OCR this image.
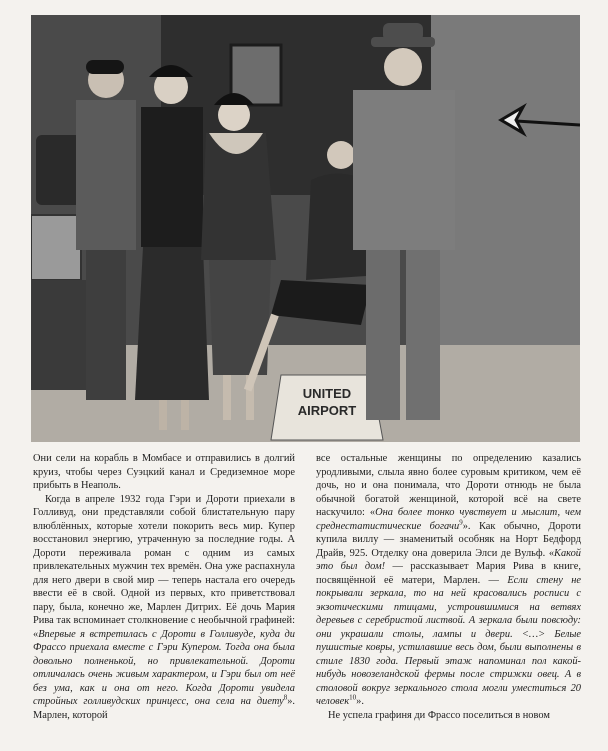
UNITED
AIRPORT

Они сели на корабль в Момбасе и отправились в долгий круиз, чтобы через Суэцкий канал и Средиземное море прибыть в Неаполь.

Когда в апреле 1932 года Гэри и Дороти приехали в Голливуд, они представляли собой блистательную пару влюблённых, которые хотели покорить весь мир. Купер восстановил энергию, утраченную за последние годы. А Дороти переживала роман с одним из самых привлекательных мужчин тех времён. Она уже распахнула для него двери в свой мир — теперь настала его очередь ввести её в свой. Одной из первых, кто приветствовал пару, была, конечно же, Марлен Дитрих. Её дочь Мария Рива так вспоминает столкновение с необычной графиней: «Впервые я встретилась с Дороти в Голливуде, куда ди Фрассо приехала вместе с Гэри Купером. Тогда она была довольно полненькой, но привлекательной. Дороти отличалась очень живым характером, и Гэри был от неё без ума, как и она от него. Когда Дороти увидела стройных голливудских принцесс, она села на диету$^8$». Марлен, которой

все остальные женщины по определению казались уродливыми, слыла явно более суровым критиком, чем её дочь, но и она понимала, что Дороти отнюдь не была обычной богатой женщиной, которой всё на свете наскучило: «Она более тонко чувствует и мыслит, чем среднестатистические богачи$^9$». Как обычно, Дороти купила виллу — знаменитый особняк на Норт Бедфорд Драйв, 925. Отделку она доверила Элси де Вульф. «Какой это был дом! — рассказывает Мария Рива в книге, посвящённой её матери, Марлен. — Если стену не покрывали зеркала, то на ней красовались росписи с экзотическими птицами, устроившимися на ветвях деревьев с серебристой листвой. А зеркала были повсюду: они украшали столы, лампы и двери. <…> Белые пушистые ковры, устилавшие весь дом, были выполнены в стиле 1830 года. Первый этаж напоминал пол какой-нибудь новозеландской фермы после стрижки овец. А в столовой вокруг зеркального стола могли уместиться 20 человек$^{10}$».

Не успела графиня ди Фрассо поселиться в новом
